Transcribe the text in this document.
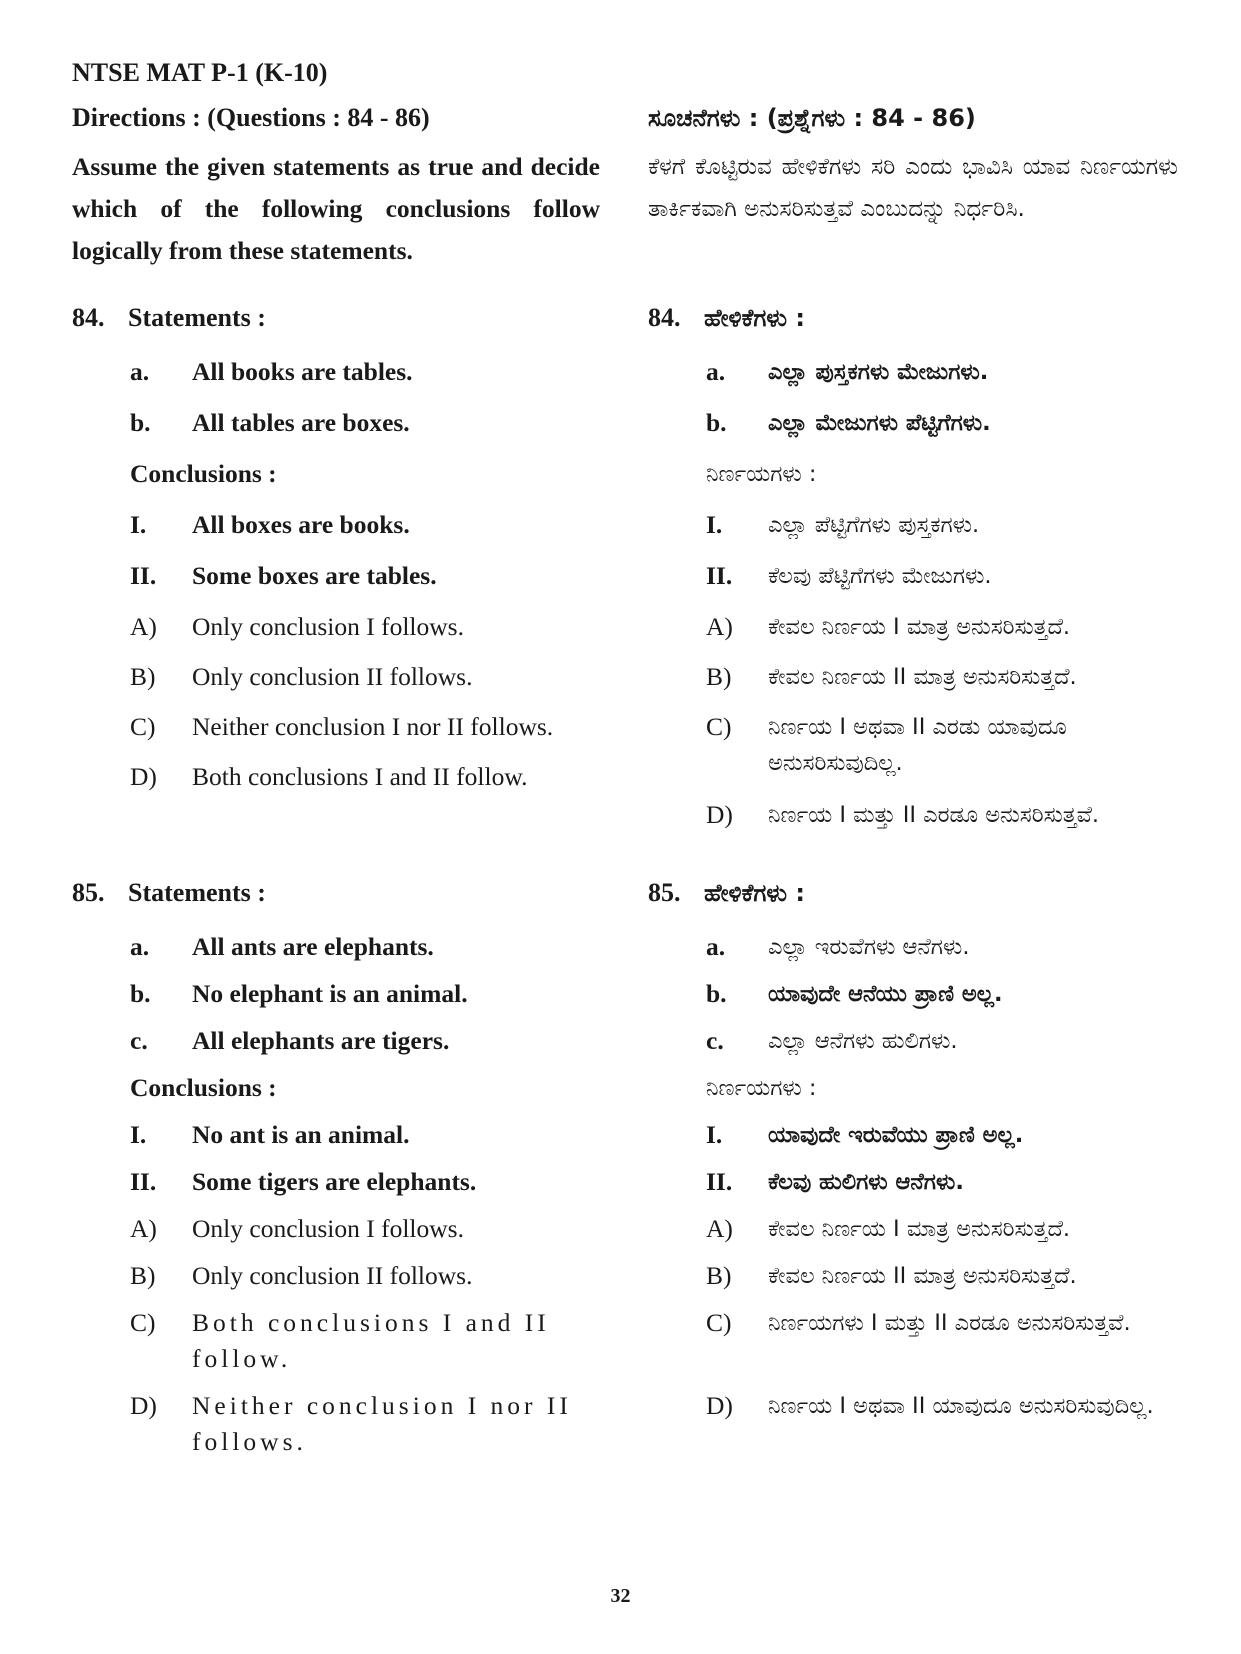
NTSE MAT P-1 (K-10)
Directions : (Questions : 84 - 86)
Assume the given statements as true and decide which of the following conclusions follow logically from these statements.
84. Statements :
a.	All books are tables.
b.	All tables are boxes.
Conclusions :
I.	All boxes are books.
II.	Some boxes are tables.
A)	Only conclusion I follows.
B)	Only conclusion II follows.
C)	Neither conclusion I nor II follows.
D)	Both conclusions I and II follow.
85. Statements :
a.	All ants are elephants.
b.	No elephant is an animal.
c.	All elephants are tigers.
Conclusions :
I.	No ant is an animal.
II.	Some tigers are elephants.
A)	Only conclusion I follows.
B)	Only conclusion II follows.
C)	Both conclusions I and II follow.
D)	Neither conclusion I nor II follows.
ಸೂಚನೆಗಳು : (ಪ್ರಶ್ನೆಗಳು : 84 - 86)
ಕೆಳಗೆ ಕೊಟ್ಟಿರುವ ಹೇಳಿಕೆಗಳು ಸರಿ ಎಂದು ಭಾವಿಸಿ ಯಾವ ನಿರ್ಣಯಗಳು ತಾರ್ಕಿಕವಾಗಿ ಅನುಸರಿಸುತ್ತವೆ ಎಂಬುದನ್ನು ನಿರ್ಧರಿಸಿ.
84. ಹೇಳಿಕೆಗಳು :
a.	ಎಲ್ಲಾ ಪುಸ್ತಕಗಳು ಮೇಜುಗಳು.
b.	ಎಲ್ಲಾ ಮೇಜುಗಳು ಪೆಟ್ಟಿಗೆಗಳು.
ನಿರ್ಣಯಗಳು :
I.	ಎಲ್ಲಾ ಪೆಟ್ಟಿಗೆಗಳು ಪುಸ್ತಕಗಳು.
II.	ಕೆಲವು ಪೆಟ್ಟಿಗೆಗಳು ಮೇಜುಗಳು.
A)	ಕೇವಲ ನಿರ್ಣಯ I ಮಾತ್ರ ಅನುಸರಿಸುತ್ತದೆ.
B)	ಕೇವಲ ನಿರ್ಣಯ II ಮಾತ್ರ ಅನುಸರಿಸುತ್ತದೆ.
C)	ನಿರ್ಣಯ I ಅಥವಾ II ಎರಡು ಯಾವುದೂ ಅನುಸರಿಸುವುದಿಲ್ಲ.
D)	ನಿರ್ಣಯ I ಮತ್ತು II ಎರಡೂ ಅನುಸರಿಸುತ್ತವೆ.
85. ಹೇಳಿಕೆಗಳು :
a.	ಎಲ್ಲಾ ಇರುವೆಗಳು ಆನೆಗಳು.
b.	ಯಾವುದೇ ಆನೆಯು ಪ್ರಾಣಿ ಅಲ್ಲ.
c.	ಎಲ್ಲಾ ಆನೆಗಳು ಹುಲಿಗಳು.
ನಿರ್ಣಯಗಳು :
I.	ಯಾವುದೇ ಇರುವೆಯು ಪ್ರಾಣಿ ಅಲ್ಲ.
II.	ಕೆಲವು ಹುಲಿಗಳು ಆನೆಗಳು.
A)	ಕೇವಲ ನಿರ್ಣಯ I ಮಾತ್ರ ಅನುಸರಿಸುತ್ತದೆ.
B)	ಕೇವಲ ನಿರ್ಣಯ II ಮಾತ್ರ ಅನುಸರಿಸುತ್ತದೆ.
C)	ನಿರ್ಣಯಗಳು I ಮತ್ತು II ಎರಡೂ ಅನುಸರಿಸುತ್ತವೆ.
D)	ನಿರ್ಣಯ I ಅಥವಾ II ಯಾವುದೂ ಅನುಸರಿಸುವುದಿಲ್ಲ.
32
